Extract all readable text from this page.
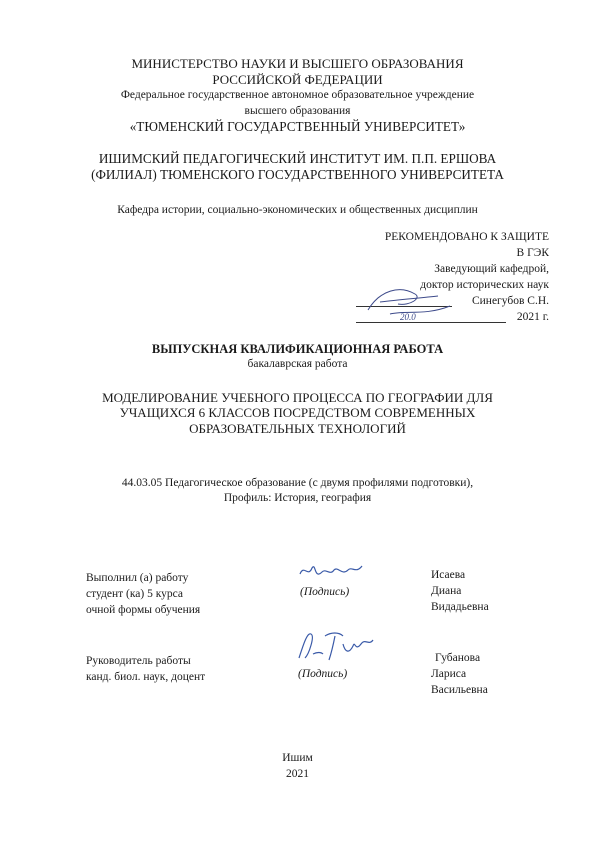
МИНИСТЕРСТВО НАУКИ И ВЫСШЕГО ОБРАЗОВАНИЯ
РОССИЙСКОЙ ФЕДЕРАЦИИ
Федеральное государственное автономное образовательное учреждение
высшего образования
«ТЮМЕНСКИЙ ГОСУДАРСТВЕННЫЙ УНИВЕРСИТЕТ»
ИШИМСКИЙ ПЕДАГОГИЧЕСКИЙ ИНСТИТУТ ИМ. П.П. ЕРШОВА
(ФИЛИАЛ) ТЮМЕНСКОГО ГОСУДАРСТВЕННОГО УНИВЕРСИТЕТА
Кафедра истории, социально-экономических и общественных дисциплин
РЕКОМЕНДОВАНО К ЗАЩИТЕ
В ГЭК
Заведующий кафедрой,
доктор исторических наук
Синегубов С.Н.
2021 г.
20.0
ВЫПУСКНАЯ КВАЛИФИКАЦИОННАЯ РАБОТА
бакалаврская работа
МОДЕЛИРОВАНИЕ УЧЕБНОГО ПРОЦЕССА ПО ГЕОГРАФИИ ДЛЯ
УЧАЩИХСЯ 6 КЛАССОВ ПОСРЕДСТВОМ СОВРЕМЕННЫХ
ОБРАЗОВАТЕЛЬНЫХ ТЕХНОЛОГИЙ
44.03.05 Педагогическое образование (с двумя профилями подготовки),
Профиль: История, география
Выполнил (а) работу
студент (ка) 5 курса
очной формы обучения
(Подпись)
Исаева
Диана
Видадьевна
Руководитель работы
канд. биол. наук, доцент	(Подпись)
Губанова
Лариса
Васильевна
Ишим
2021
